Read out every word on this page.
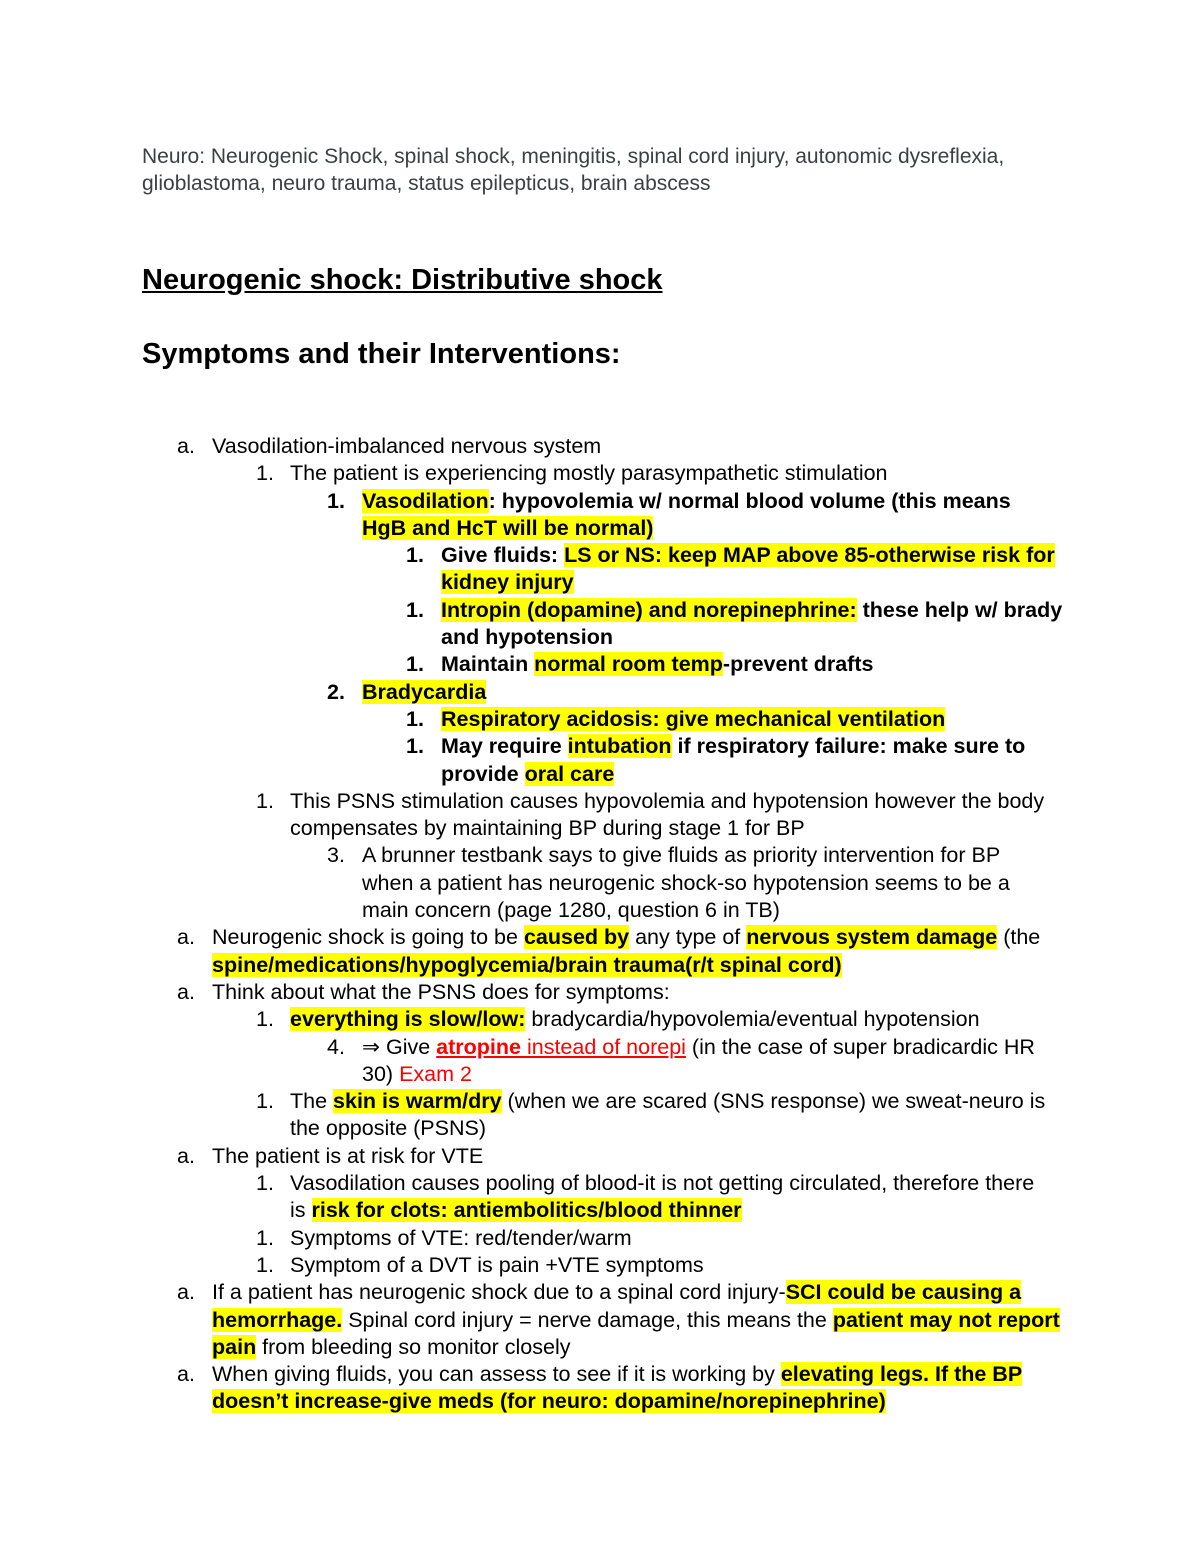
Neuro: Neurogenic Shock, spinal shock, meningitis, spinal cord injury, autonomic dysreflexia, glioblastoma, neuro trauma, status epilepticus, brain abscess

Neurogenic shock: Distributive shock
Symptoms and their Interventions:
a. Vasodilation-imbalanced nervous system
1. The patient is experiencing mostly parasympathetic stimulation
1. Vasodilation: hypovolemia w/ normal blood volume (this means HgB and HcT will be normal)
1. Give fluids: LS or NS: keep MAP above 85-otherwise risk for kidney injury
1. Intropin (dopamine) and norepinephrine: these help w/ brady and hypotension
1. Maintain normal room temp-prevent drafts
2. Bradycardia
1. Respiratory acidosis: give mechanical ventilation
1. May require intubation if respiratory failure: make sure to provide oral care
1. This PSNS stimulation causes hypovolemia and hypotension however the body compensates by maintaining BP during stage 1 for BP
3. A brunner testbank says to give fluids as priority intervention for BP when a patient has neurogenic shock-so hypotension seems to be a main concern (page 1280, question 6 in TB)
a. Neurogenic shock is going to be caused by any type of nervous system damage (the spine/medications/hypoglycemia/brain trauma(r/t spinal cord)
a. Think about what the PSNS does for symptoms:
1. everything is slow/low: bradycardia/hypovolemia/eventual hypotension
4. ⇒ Give atropine instead of norepi (in the case of super bradicardic HR 30) Exam 2
1. The skin is warm/dry (when we are scared (SNS response) we sweat-neuro is the opposite (PSNS)
a. The patient is at risk for VTE
1. Vasodilation causes pooling of blood-it is not getting circulated, therefore there is risk for clots: antiembolitics/blood thinner
1. Symptoms of VTE: red/tender/warm
1. Symptom of a DVT is pain +VTE symptoms
a. If a patient has neurogenic shock due to a spinal cord injury-SCI could be causing a hemorrhage. Spinal cord injury = nerve damage, this means the patient may not report pain from bleeding so monitor closely
a. When giving fluids, you can assess to see if it is working by elevating legs. If the BP doesn’t increase-give meds (for neuro: dopamine/norepinephrine)
